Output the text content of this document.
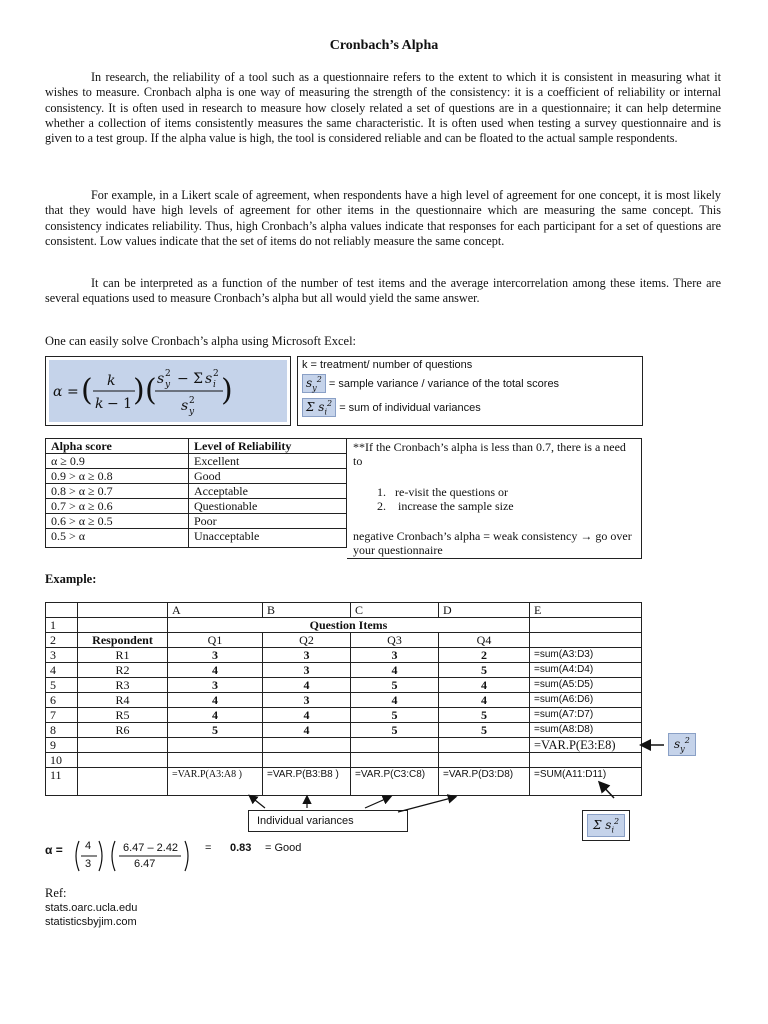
Cronbach’s Alpha

In research, the reliability of a tool such as a questionnaire refers to the extent to which it is consistent in measuring what it wishes to measure. Cronbach alpha is one way of measuring the strength of the consistency: it is a coefficient of reliability or internal consistency. It is often used in research to measure how closely related a set of questions are in a questionnaire; it can help determine whether a collection of items consistently measures the same characteristic. It is often used when testing a survey questionnaire and is given to a test group. If the alpha value is high, the tool is considered reliable and can be floated to the actual sample respondents.

For example, in a Likert scale of agreement, when respondents have a high level of agreement for one concept, it is most likely that they would have high levels of agreement for other items in the questionnaire which are measuring the same concept. This consistency indicates reliability. Thus, high Cronbach’s alpha values indicate that responses for each participant for a set of questions are consistent. Low values indicate that the set of items do not reliably measure the same concept.

It can be interpreted as a function of the number of test items and the average intercorrelation among these items. There are several equations used to measure Cronbach’s alpha but all would yield the same answer.

One can easily solve Cronbach’s alpha using Microsoft Excel:
α = ( k
k − 1 ) ( s y
2 − Σ s i
2
s y
2 )
k = treatment/ number of questions
$s_y^2$ = sample variance / variance of the total scores
Σ $s_i^2$ = sum of individual variances
Alpha score	Level of Reliability
α ≥ 0.9	Excellent
0.9 > α ≥ 0.8	Good
0.8 > α ≥ 0.7	Acceptable
0.7 > α ≥ 0.6	Questionable
0.6 > α ≥ 0.5	Poor
0.5 > α	Unacceptable
**If the Cronbach’s alpha is less than 0.7, there is a need to
1.   re-visit the questions or
2.    increase the sample size
negative Cronbach’s alpha = weak consistency → go over your questionnaire
Example:
		A	B	C	D	E
1		Question Items				
2	Respondent	Q1	Q2	Q3	Q4	
3	R1	3	3	3	2	=sum(A3:D3)
4	R2	4	3	4	5	=sum(A4:D4)
5	R3	3	4	5	4	=sum(A5:D5)
6	R4	4	3	4	4	=sum(A6:D6)
7	R5	4	4	5	5	=sum(A7:D7)
8	R6	5	4	5	5	=sum(A8:D8)
9						=VAR.P(E3:E8)
10						
11		=VAR.P(A3:A8 )	=VAR.P(B3:B8 )	=VAR.P(C3:C8)	=VAR.P(D3:D8)	=SUM(A11:D11)
$s_y^2$
Σ $s_i^2$
Individual variances
α = 4
3
6.47 – 2.42
6.47
= 0.83 = Good
Ref:
stats.oarc.ucla.edu
statisticsbyjim.com
